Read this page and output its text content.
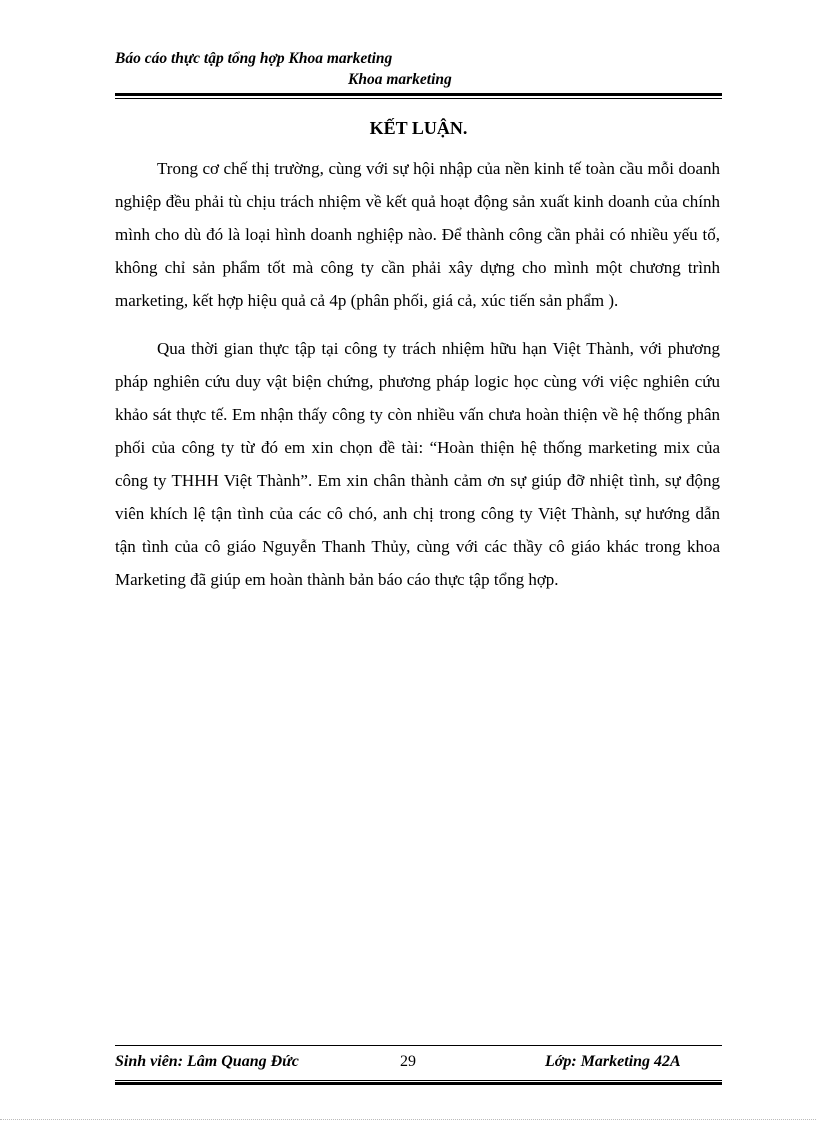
Báo cáo thực tập tổng hợp Khoa marketing
Khoa marketing
KẾT LUẬN.

Trong cơ chế thị trường, cùng với sự hội nhập của nền kinh tế toàn cầu mỗi doanh nghiệp đều phải tù chịu trách nhiệm về kết quả hoạt động sản xuất kinh doanh của chính mình cho dù đó là loại hình doanh nghiệp nào. Để thành công cần phải có nhiều yếu tố, không chỉ sản phẩm tốt mà công ty cần phải xây dựng cho mình một chương trình marketing, kết hợp hiệu quả cả 4p (phân phối, giá cả, xúc tiến sản phẩm ).

Qua thời gian thực tập tại công ty trách nhiệm hữu hạn Việt Thành, với phương pháp nghiên cứu duy vật biện chứng, phương pháp logic học cùng với việc nghiên cứu khảo sát thực tế. Em nhận thấy công ty còn nhiều vấn chưa hoàn thiện về hệ thống phân phối của công ty từ đó em xin chọn đề tài: “Hoàn thiện hệ thống marketing mix của công ty THHH Việt Thành”. Em xin chân thành cảm ơn sự giúp đỡ nhiệt tình, sự động viên khích lệ tận tình của các cô chó, anh chị trong công ty Việt Thành, sự hướng dẫn tận tình của cô giáo Nguyễn Thanh Thủy, cùng với các thầy cô giáo khác trong khoa Marketing đã giúp em hoàn thành bản báo cáo thực tập tổng hợp.

Sinh viên: Lâm Quang Đức	29	Lớp: Marketing 42A
